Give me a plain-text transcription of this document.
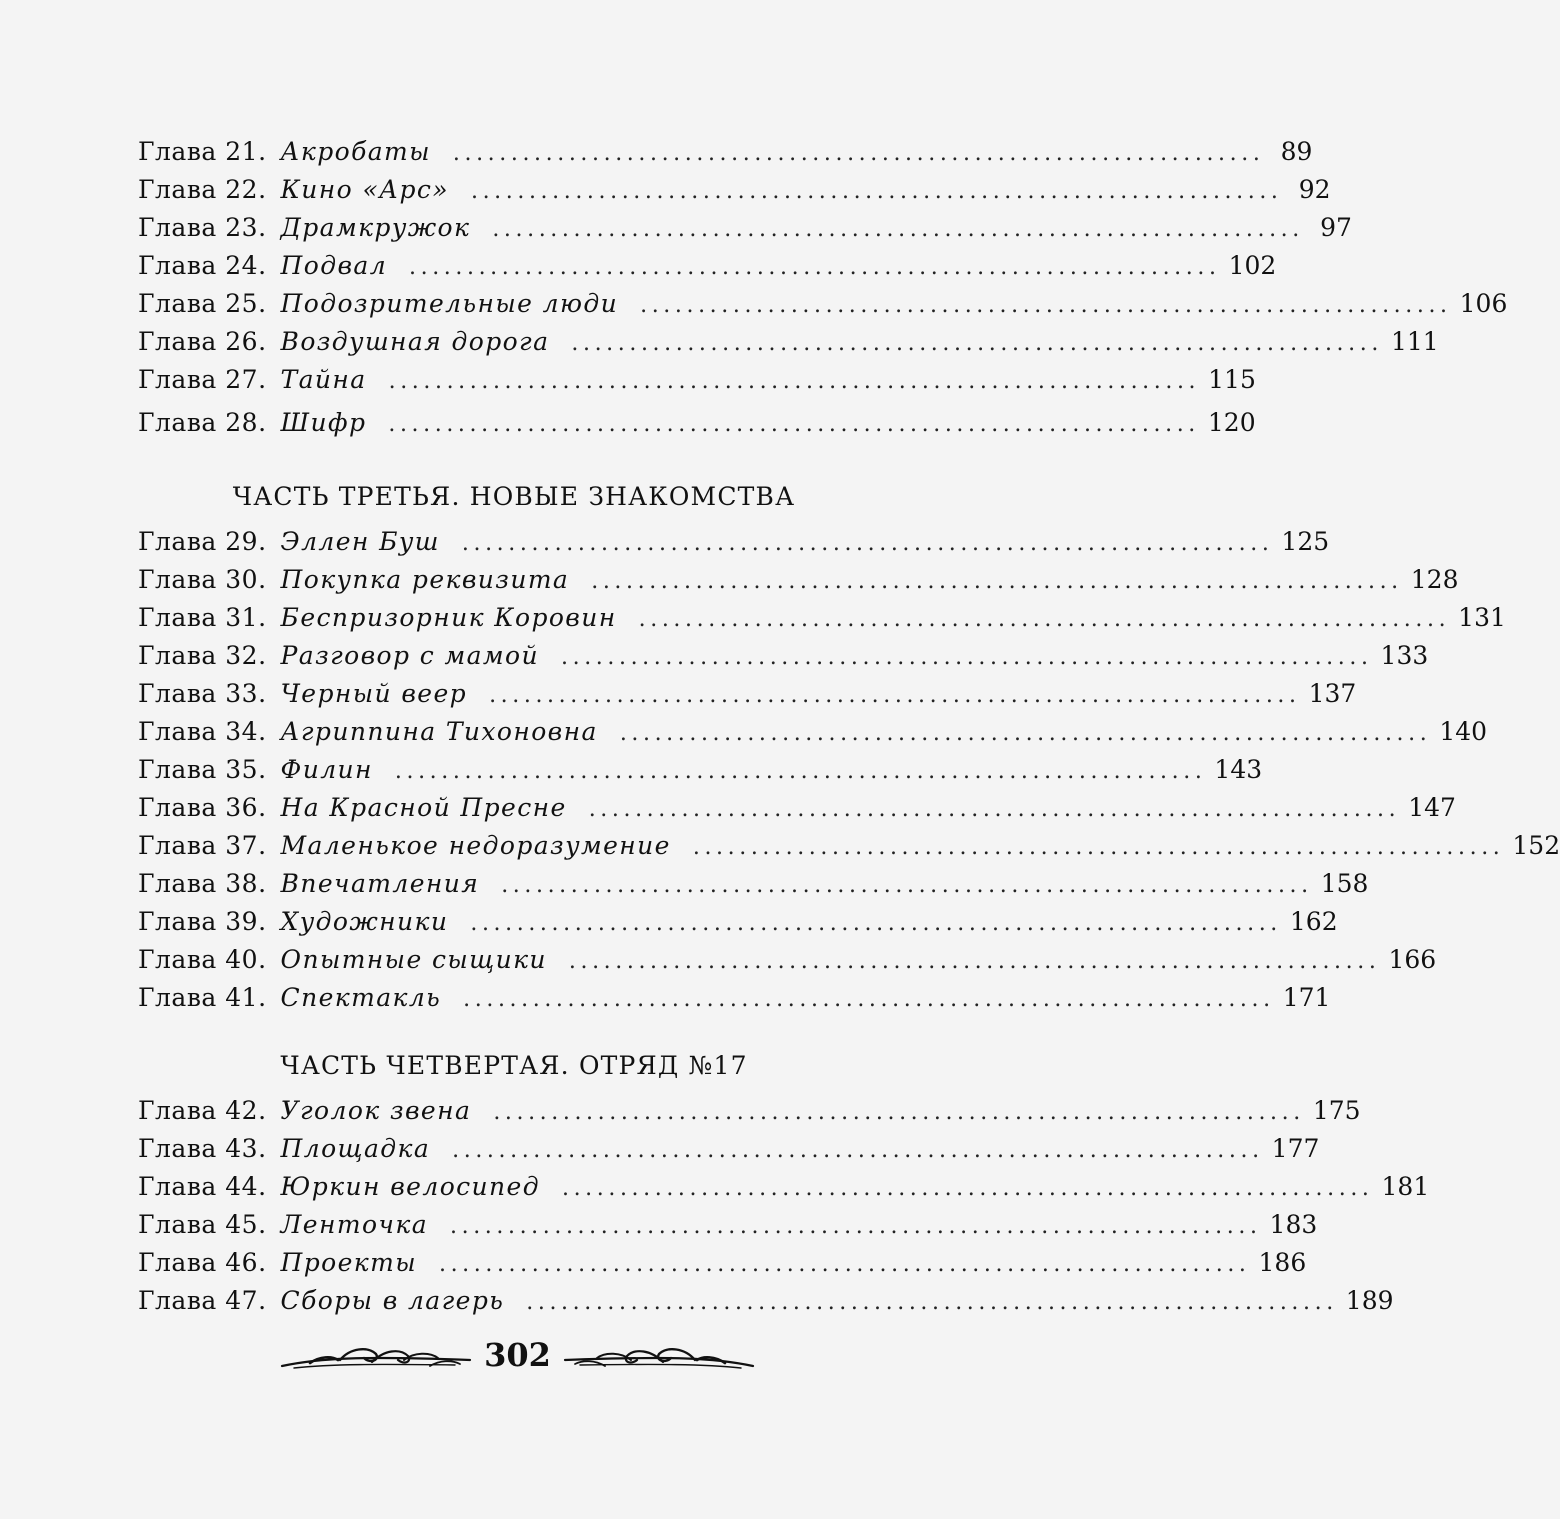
Глава 21. Акробаты ...................................................................... 89
Глава 22. Кино «Арс» ...................................................................... 92
Глава 23. Драмкружок ...................................................................... 97
Глава 24. Подвал ...................................................................... 102
Глава 25. Подозрительные люди ...................................................................... 106
Глава 26. Воздушная дорога ...................................................................... 111
Глава 27. Тайна ...................................................................... 115
Глава 28. Шифр ...................................................................... 120
ЧАСТЬ ТРЕТЬЯ. НОВЫЕ ЗНАКОМСТВА
Глава 29. Эллен Буш ...................................................................... 125
Глава 30. Покупка реквизита ...................................................................... 128
Глава 31. Беспризорник Коровин ...................................................................... 131
Глава 32. Разговор с мамой ...................................................................... 133
Глава 33. Черный веер ...................................................................... 137
Глава 34. Агриппина Тихоновна ...................................................................... 140
Глава 35. Филин ...................................................................... 143
Глава 36. На Красной Пресне ...................................................................... 147
Глава 37. Маленькое недоразумение ...................................................................... 152
Глава 38. Впечатления ...................................................................... 158
Глава 39. Художники ...................................................................... 162
Глава 40. Опытные сыщики ...................................................................... 166
Глава 41. Спектакль ...................................................................... 171
ЧАСТЬ ЧЕТВЕРТАЯ. ОТРЯД №17
Глава 42. Уголок звена ...................................................................... 175
Глава 43. Площадка ...................................................................... 177
Глава 44. Юркин велосипед ...................................................................... 181
Глава 45. Ленточка ...................................................................... 183
Глава 46. Проекты ...................................................................... 186
Глава 47. Сборы в лагерь ...................................................................... 189
302
